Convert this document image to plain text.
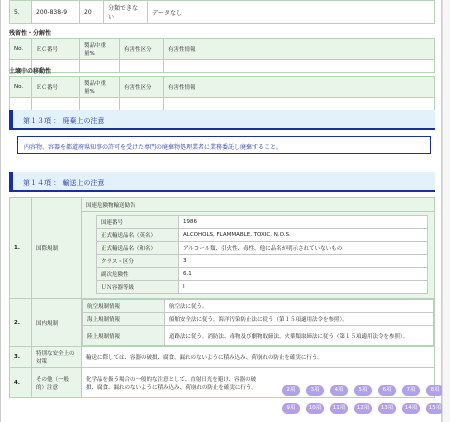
5.	200-838-9	20	分類できない	データなし
残留性・分解性
No.	ＥＣ番号	製品中重量%	有害性区分	有害性情報

土壌中の移動性
No.	ＥＣ番号	製品中重量%	有害性区分	有害性情報

第１３項 ： 廃棄上の注意
内容物、容器を都道府県知事の許可を受けた専門の廃棄物処理業者に業務委託し廃棄すること。
第１４項 ： 輸送上の注意
1.	国際規制	国連危険物輸送勧告

国連番号	1986
正式輸送品名（英名）	ALCOHOLS, FLAMMABLE, TOXIC, N.O.S.
正式輸送品名（和名）	アルコール類、引火性、毒性、他に品名が明示されていないもの
クラス・区分	3
副次危険性	6.1
ＵＮ容器等級	I

2.	国内規制	
航空規制情報	航空法に従う。
海上規制情報	船舶安全法に従う。海洋汚染防止法に従う（第１５項適用法令を参照）。
陸上規制情報	道路法に従う。消防法、毒物及び劇物取締法、火薬類取締法に従う（第１５項適用法令を参照）。

3.	特別な安全上の対策	輸送に際しては、容器の破損、腐食、漏れのないように積み込み、荷崩れの防止を確実に行う。
4.	その他（一般的）注意	化学品を扱う場合の一般的な注意として、直射日光を避け、容器の破損、腐食、漏れのないように積み込み、荷崩れの防止を確実に行う。	2項	3項	4項	5項	6項	7項	8項
9項	10項	11項	12項	13項	14項	15項
